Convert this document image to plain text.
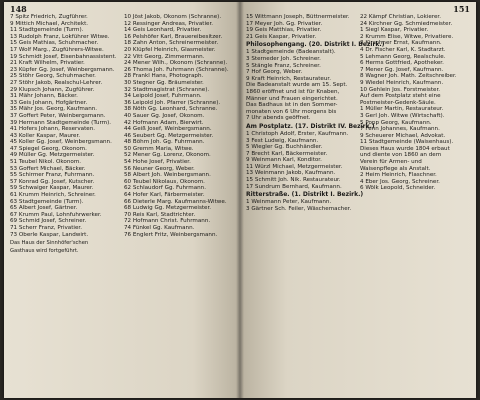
148
7 Spitz Friedrich, Zugführer.
9 Mittich Michael, Architekt.
11 Stadtgemeinde (Turm).
13 Rudolph Franz, Lokführer Witwe.
15 Geis Mathias, Schuhmacher.
17 Wolf Marg., Zugführers-Witwe.
19 Schmidt Josef, Eisenbahnassistent.
21 Kraft Wilhelm, Privatier.
23 Küpfer Gg. Josef, Weinbergsmann.
25 Stöhr Georg, Schuhmacher.
27 Stöhr Jakob, Realschul-Lehrer.
29 Klupsch Johann, Zugführer.
31 Mähr Johann, Bäcker.
33 Geis Johann, Hofgärtner.
35 Mähr Jos. Georg, Kaufmann.
37 Goffert Peter, Weinbergsmann.
39 Hermann Stadtgemeinde (Turm).
41 Hofers Johann, Reservaten.
43 Koller Kaspar, Maurer.
45 Koller Gg. Josef, Weinbergsmann.
47 Spiegel Georg, Ökonom.
49 Müller Gg. Metzgermeister.
51 Teubel Nikol. Ökonom.
53 Goffert Michael, Bäcker.
55 Schirmer Franz, Fuhrmann.
57 Konrad Gg. Josef, Kutscher.
59 Schwaiger Kaspar, Maurer.
61 Krumm Heinrich, Schreiner.
63 Stadtgemeinde (Turm).
65 Albert Josef, Gärtner.
67 Krumm Paul, Lohnfuhrwerker.
69 Schmid Josef, Schreiner.
71 Scherr Franz, Privatier.
73 Oberle Kaspar, Landwirt.
10 Jöst Jakob, Ökonom (Schranne).
12 Ressinger Andreas, Privatier.
14 Geis Leonhard, Privatier.
16 Pelshöfer Karl, Brauereibesitzer.
18 Zahn Anton, Schreinermeister.
20 Klüpfel Heinrich, Glasmeister.
22 Vitt Georg, Zimmermann.
24 Mener Wilh., Ökonom (Schranne).
26 Thoma Joh. Fuhrmann (Schranne).
28 Frankl Hans, Photograph.
30 Stegner Gg. Bräumeister.
32 Stadtmagistrat (Schranne).
34 Leipold Josef, Fuhrmann.
36 Leipold Joh. Pfarrer (Schranne).
38 Nöth Gg. Leonhard, Schranne.
40 Sauer Gg. Josef, Ökonom.
42 Hofmann Adam, Bierwirt.
44 Geiß Josef, Weinbergsmann.
46 Seubert Gg. Metzgermeister.
48 Böhm Joh. Gg. Fuhrmann.
50 Gremm Maria, Witwe.
52 Mener Gg. Lorenz, Ökonom.
54 Hohe Josef, Privatier.
56 Neuner Georg, Weber.
58 Albert Joh. Weinbergsmann.
60 Teubel Nikolaus, Ökonom.
62 Schlaudorf Gg. Fuhrmann.
64 Hofer Karl, Färbermeister.
66 Dieterle Marg. Kaufmanns-Witwe.
68 Ludwig Gg. Metzgermeister.
70 Reis Karl, Stadtrichter.
72 Hofmann Christ. Fuhrmann.
74 Fünkel Gg. Kaufmann.
76 Englert Fritz, Weinbergsmann.
Das Haus der Sinnhöfer'schen
Gasthaus wird fortgeführt.
151
15 Wittmann Joseph, Büttnermeister.
17 Meyer Joh. Gg. Privatier.
19 Geis Matthias, Privatier.
21 Geis Kaspar, Privatier.
Philosophengang. (20. Distrikt I. Bezirk.)
1 Stadtgemeinde (Badeanstalt).
3 Sterneder Joh. Schreiner.
5 Stängle Franz, Schreiner.
7 Hof Georg, Weber.
9 Kraft Heinrich, Restaurateur.
Die Badeanstalt wurde am 15. Sept.
1860 eröffnet und ist für Knaben,
Männer und Frauen eingerichtet.
Das Badhaus ist in den Sommer-
monaten von 6 Uhr morgens bis
7 Uhr abends geöffnet.
Am Postplatz. (17. Distrikt IV. Bezirk.)
1 Christoph Adolf, Erster, Kaufmann.
3 Fest Ludwig, Kaufmann.
5 Wiegler Gg. Buchhändler.
7 Brecht Karl, Bäckermeister.
9 Weinmann Karl, Konditor.
11 Würzl Michael, Metzgermeister.
13 Weinmann Jakob, Kaufmann.
15 Schmitt Joh. Nik. Restaurateur.
17 Sundrum Bernhard, Kaufmann.
Ritterstraße. (1. Distrikt I. Bezirk.)
1 Weinmann Peter, Kaufmann.
3 Gärtner Sch. Feiler, Wäschemacher.
22 Kämpf Christian, Lokierer.
24 Kirchner Gg. Schmiedmeister.
1 Siegl Kaspar, Privatier.
2 Krumm Elise, Witwe, Privatiere.
3 Kirschner Ernst, Kaufmann.
4 Dr. Fischer Karl, K. Stadtarzt.
5 Lehmann Georg, Realschule.
6 Herms Gottfried, Apotheker.
7 Mener Gg. Josef, Kaufmann.
8 Wagner Joh. Math. Zeitschreiber.
9 Wiedel Heinrich, Kaufmann.
10 Gehlein Jos. Forstmeister.
Auf dem Postplatz steht eine
Postmeister-Gedenk-Säule.
1 Müller Martin, Restaurateur.
3 Gerl Joh. Witwe (Wirtschaft).
5 Popp Georg, Kaufmann.
7 Fenn Johannes, Kaufmann.
9 Scheuerer Michael, Advokat.
11 Stadtgemeinde (Waisenhaus).
Dieses Haus wurde 1804 erbaut
und diente von 1860 an dem
Verein für Armen- und
Waisenpflege als Anstalt.
2 Heim Heinrich, Flaschner.
4 Eber Jos. Georg, Schreiner.
6 Wölk Leopold, Schneider.
